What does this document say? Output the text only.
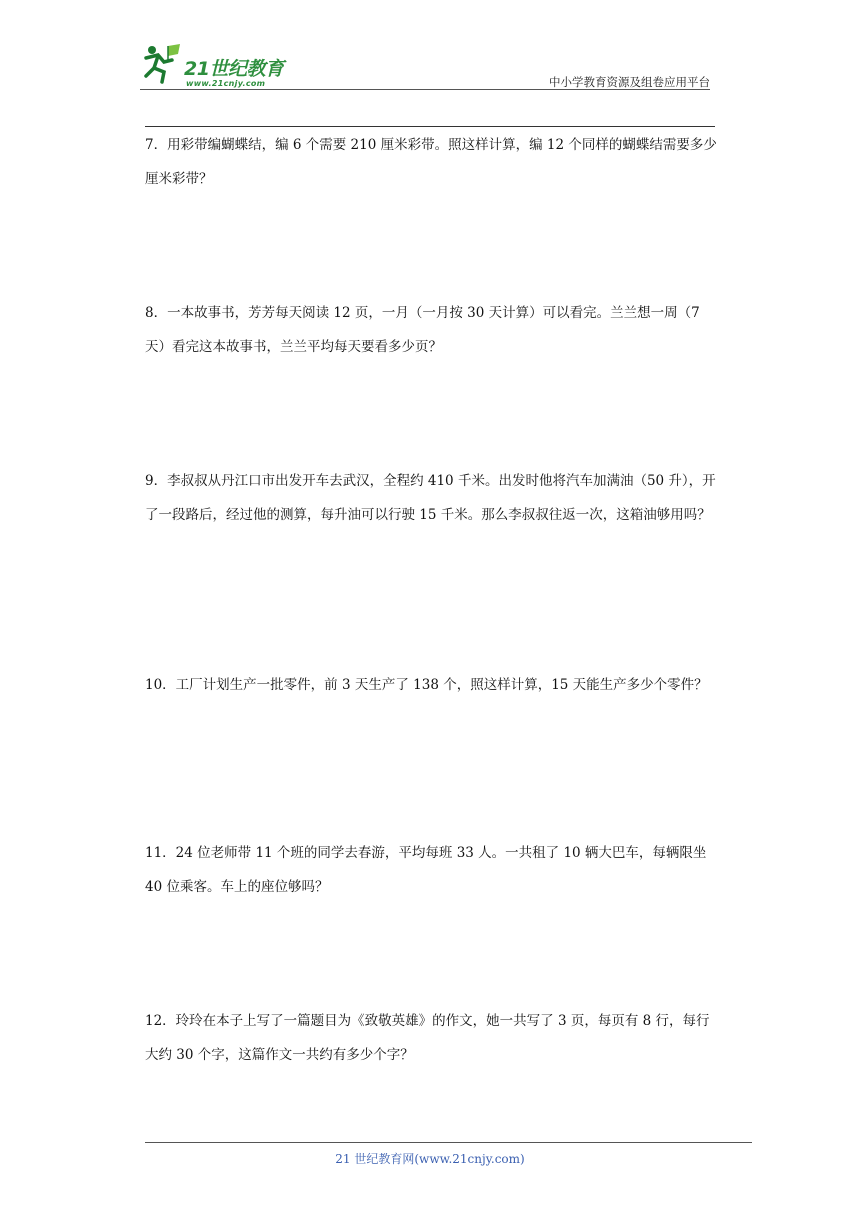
21世纪教育
www.21cnjy.com	中小学教育资源及组卷应用平台
7．用彩带编蝴蝶结，编 6 个需要 210 厘米彩带。照这样计算，编 12 个同样的蝴蝶结需要多少厘米彩带？
8．一本故事书，芳芳每天阅读 12 页，一月（一月按 30 天计算）可以看完。兰兰想一周（7 天）看完这本故事书，兰兰平均每天要看多少页？
9．李叔叔从丹江口市出发开车去武汉，全程约 410 千米。出发时他将汽车加满油（50 升），开了一段路后，经过他的测算，每升油可以行驶 15 千米。那么李叔叔往返一次，这箱油够用吗？
10．工厂计划生产一批零件，前 3 天生产了 138 个，照这样计算，15 天能生产多少个零件？
11．24 位老师带 11 个班的同学去春游，平均每班 33 人。一共租了 10 辆大巴车，每辆限坐 40 位乘客。车上的座位够吗？
12．玲玲在本子上写了一篇题目为《致敬英雄》的作文，她一共写了 3 页，每页有 8 行，每行大约 30 个字，这篇作文一共约有多少个字？
21 世纪教育网(www.21cnjy.com)
